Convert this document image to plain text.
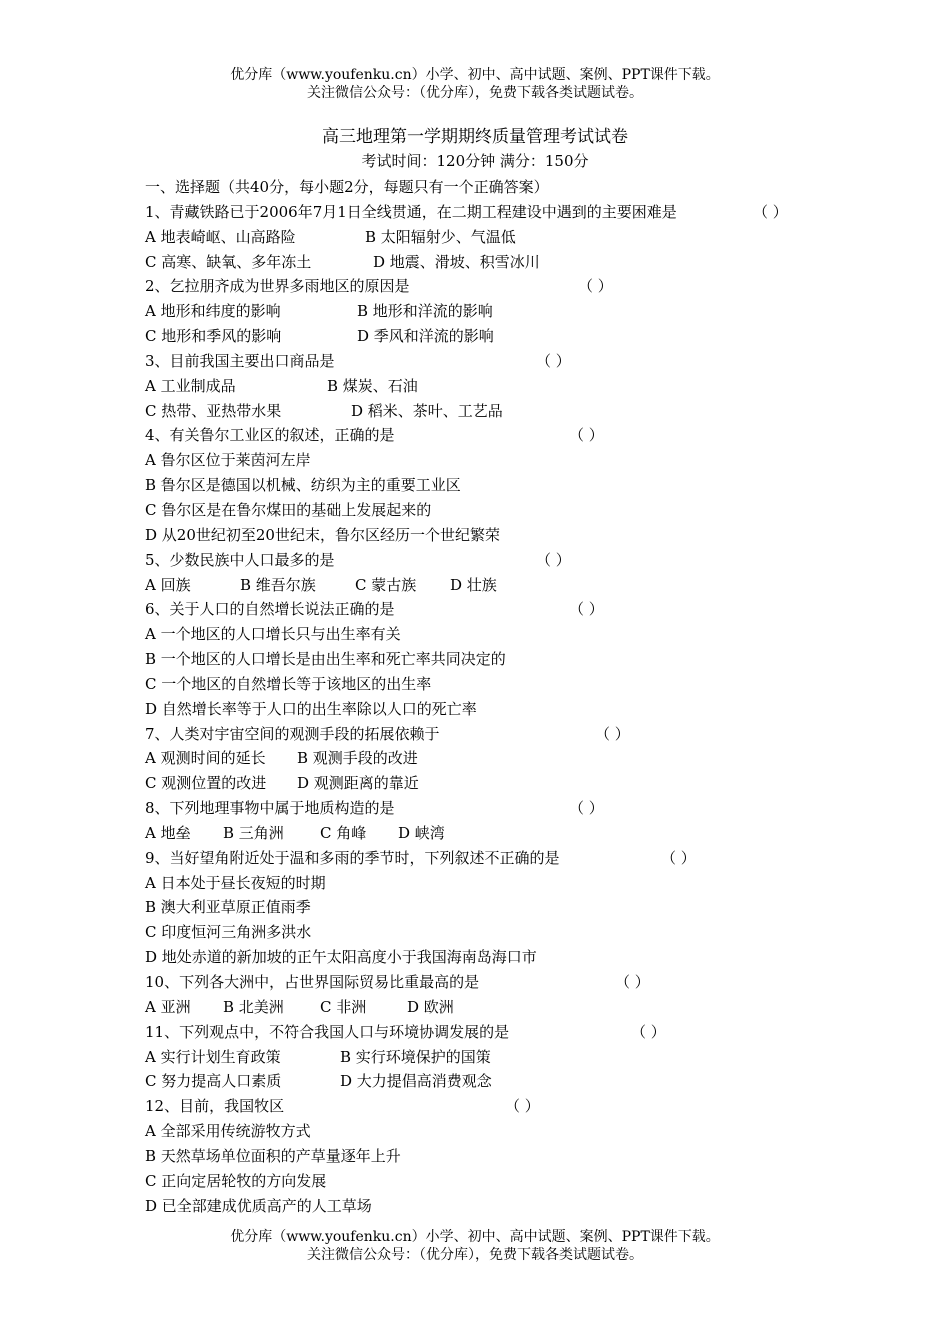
优分库（www.youfenku.cn）小学、初中、高中试题、案例、PPT课件下载。
关注微信公众号：（优分库），免费下载各类试题试卷。
高三地理第一学期期终质量管理考试试卷
考试时间：120分钟 满分：150分
一、选择题（共40分，每小题2分，每题只有一个正确答案）
1、青藏铁路已于2006年7月1日全线贯通，在二期工程建设中遇到的主要困难是	（ ）
A 地表崎岖、山高路险	B 太阳辐射少、气温低
C 高寒、缺氧、多年冻土	D 地震、滑坡、积雪冰川
2、乞拉朋齐成为世界多雨地区的原因是	（ ）
A 地形和纬度的影响	B 地形和洋流的影响
C 地形和季风的影响	D 季风和洋流的影响
3、目前我国主要出口商品是	（ ）
A 工业制成品	B 煤炭、石油
C 热带、亚热带水果	D 稻米、茶叶、工艺品
4、有关鲁尔工业区的叙述，正确的是	（ ）
A 鲁尔区位于莱茵河左岸
B 鲁尔区是德国以机械、纺织为主的重要工业区
C 鲁尔区是在鲁尔煤田的基础上发展起来的
D 从20世纪初至20世纪末，鲁尔区经历一个世纪繁荣
5、少数民族中人口最多的是	（ ）
A 回族	B 维吾尔族	C 蒙古族 D 壮族
6、关于人口的自然增长说法正确的是	（ ）
A 一个地区的人口增长只与出生率有关
B 一个地区的人口增长是由出生率和死亡率共同决定的
C 一个地区的自然增长等于该地区的出生率
D 自然增长率等于人口的出生率除以人口的死亡率
7、人类对宇宙空间的观测手段的拓展依赖于	（ ）
A 观测时间的延长 B 观测手段的改进
C 观测位置的改进 D 观测距离的靠近
8、下列地理事物中属于地质构造的是	（ ）
A 地垒 B 三角洲 C 角峰 D 峡湾
9、当好望角附近处于温和多雨的季节时，下列叙述不正确的是	（ ）
A 日本处于昼长夜短的时期
B 澳大利亚草原正值雨季
C 印度恒河三角洲多洪水
D 地处赤道的新加坡的正午太阳高度小于我国海南岛海口市
10、下列各大洲中，占世界国际贸易比重最高的是	（ ）
A 亚洲 B 北美洲 C 非洲	D 欧洲
11、下列观点中，不符合我国人口与环境协调发展的是	（ ）
A 实行计划生育政策	B 实行环境保护的国策
C 努力提高人口素质	D 大力提倡高消费观念
12、目前，我国牧区	（ ）
A 全部采用传统游牧方式
B 天然草场单位面积的产草量逐年上升
C 正向定居轮牧的方向发展
D 已全部建成优质高产的人工草场
优分库（www.youfenku.cn）小学、初中、高中试题、案例、PPT课件下载。
关注微信公众号：（优分库），免费下载各类试题试卷。
